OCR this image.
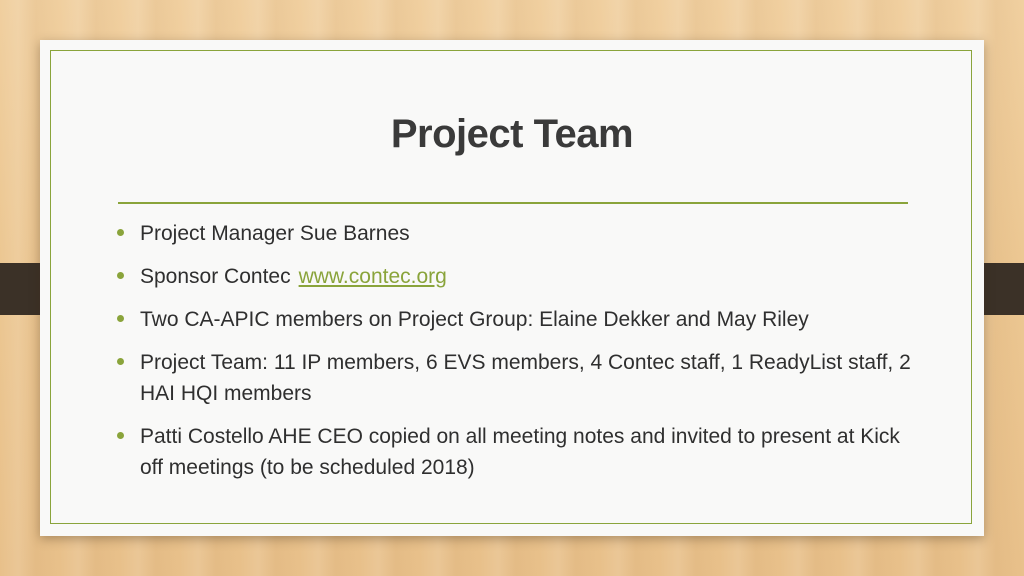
Project Team
Project Manager Sue Barnes
Sponsor Contec www.contec.org
Two CA-APIC members on Project Group: Elaine Dekker and May Riley
Project Team: 11 IP members, 6 EVS members, 4 Contec staff, 1 ReadyList staff, 2 HAI HQI members
Patti Costello AHE CEO copied on all meeting notes and invited to present at Kick off meetings (to be scheduled 2018)
